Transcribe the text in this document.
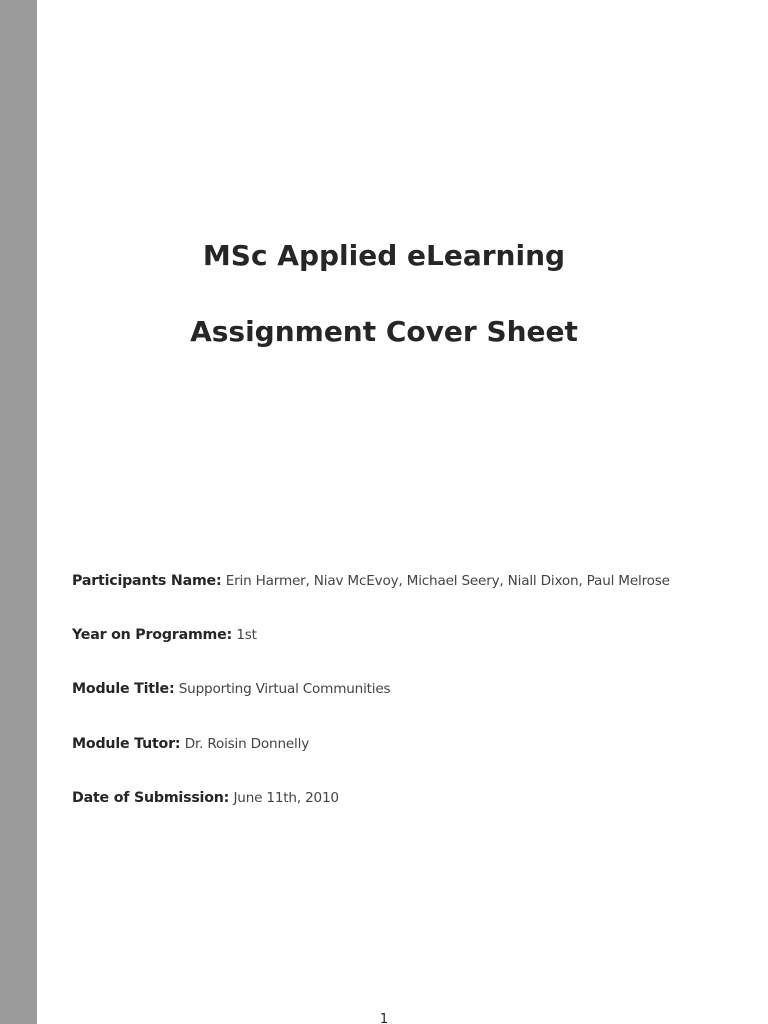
MSc Applied eLearning
Assignment Cover Sheet
Participants Name: Erin Harmer, Niav McEvoy, Michael Seery, Niall Dixon, Paul Melrose
Year on Programme: 1st
Module Title: Supporting Virtual Communities
Module Tutor: Dr. Roisin Donnelly
Date of Submission: June 11th, 2010
1
